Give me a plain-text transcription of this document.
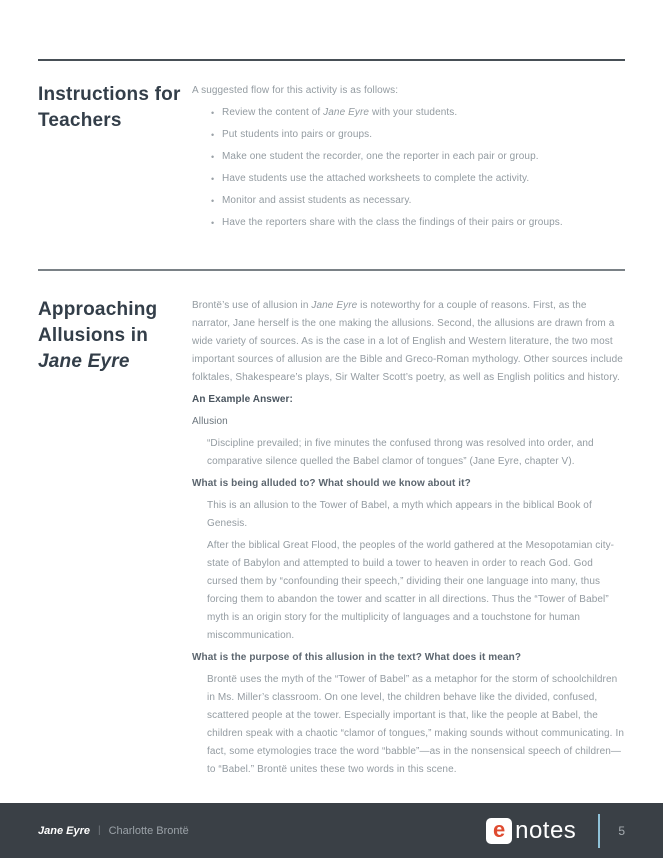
Instructions for Teachers

A suggested flow for this activity is as follows:

• Review the content of Jane Eyre with your students.
• Put students into pairs or groups.
• Make one student the recorder, one the reporter in each pair or group.
• Have students use the attached worksheets to complete the activity.
• Monitor and assist students as necessary.
• Have the reporters share with the class the findings of their pairs or groups.
Approaching Allusions in Jane Eyre

Brontë’s use of allusion in Jane Eyre is noteworthy for a couple of reasons. First, as the narrator, Jane herself is the one making the allusions. Second, the allusions are drawn from a wide variety of sources. As is the case in a lot of English and Western literature, the two most important sources of allusion are the Bible and Greco-Roman mythology. Other sources include folktales, Shakespeare’s plays, Sir Walter Scott’s poetry, as well as English politics and history.

An Example Answer:

Allusion

“Discipline prevailed; in five minutes the confused throng was resolved into order, and comparative silence quelled the Babel clamor of tongues” (Jane Eyre, chapter V).

What is being alluded to? What should we know about it?

This is an allusion to the Tower of Babel, a myth which appears in the biblical Book of Genesis.

After the biblical Great Flood, the peoples of the world gathered at the Mesopotamian city-state of Babylon and attempted to build a tower to heaven in order to reach God. God cursed them by “confounding their speech,” dividing their one language into many, thus forcing them to abandon the tower and scatter in all directions. Thus the “Tower of Babel” myth is an origin story for the multiplicity of languages and a touchstone for human miscommunication.

What is the purpose of this allusion in the text? What does it mean?

Brontë uses the myth of the “Tower of Babel” as a metaphor for the storm of schoolchildren in Ms. Miller’s classroom. On one level, the children behave like the divided, confused, scattered people at the tower. Especially important is that, like the people at Babel, the children speak with a chaotic “clamor of tongues,” making sounds without communicating. In fact, some etymologies trace the word “babble”—as in the nonsensical speech of children—to “Babel.” Brontë unites these two words in this scene.

Jane Eyre | Charlotte Brontë	e notes	5
